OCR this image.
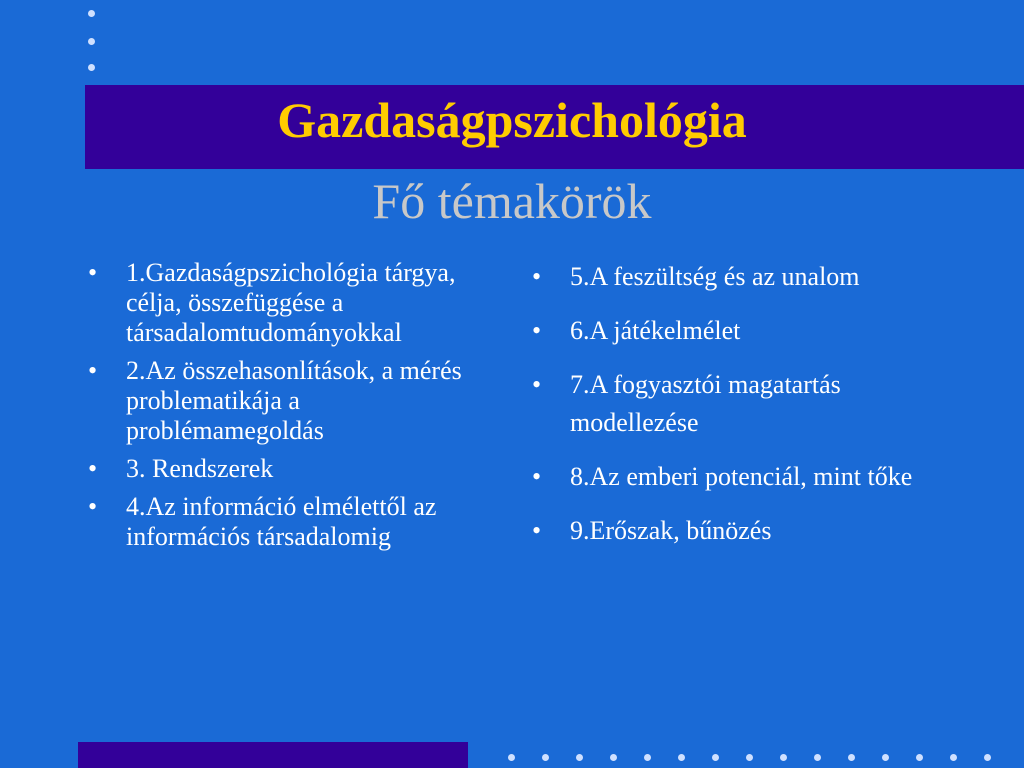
Gazdaságpszichológia
Fő témakörök
• 1.Gazdaságpszichológia tárgya, célja, összefüggése a társadalomtudományokkal
• 2.Az összehasonlítások, a mérés problematikája a problémamegoldás
• 3. Rendszerek
• 4.Az információ elmélettől az információs társadalomig
• 5.A feszültség és az unalom
• 6.A játékelmélet
• 7.A fogyasztói magatartás modellezése
• 8.Az emberi potenciál, mint tőke
• 9.Erőszak, bűnözés
